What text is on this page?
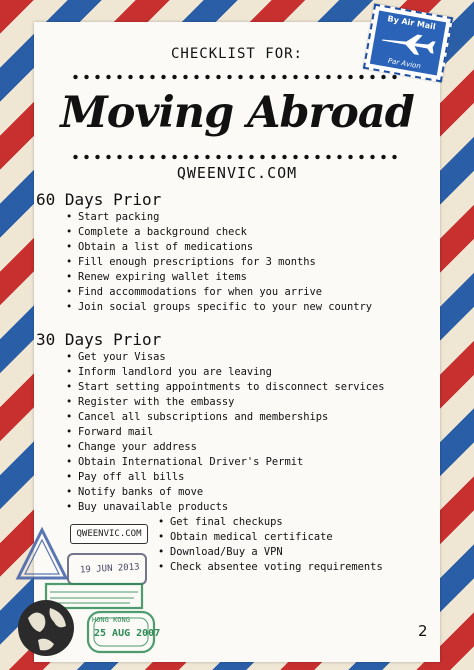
CHECKLIST FOR:
Moving Abroad
QWEENVIC.COM
60 Days Prior
• Start packing
• Complete a background check
• Obtain a list of medications
• Fill enough prescriptions for 3 months
• Renew expiring wallet items
• Find accommodations for when you arrive
• Join social groups specific to your new country
30 Days Prior
• Get your Visas
• Inform landlord you are leaving
• Start setting appointments to disconnect services
• Register with the embassy
• Cancel all subscriptions and memberships
• Forward mail
• Change your address
• Obtain International Driver's Permit
• Pay off all bills
• Notify banks of move
• Buy unavailable products
• Get final checkups
• Obtain medical certificate
• Download/Buy a VPN
• Check absentee voting requirements
2
By Air Mail
Par Avion
QWEENVIC.COM
19 JUN 2013
HONG KONG
25 AUG 2007
